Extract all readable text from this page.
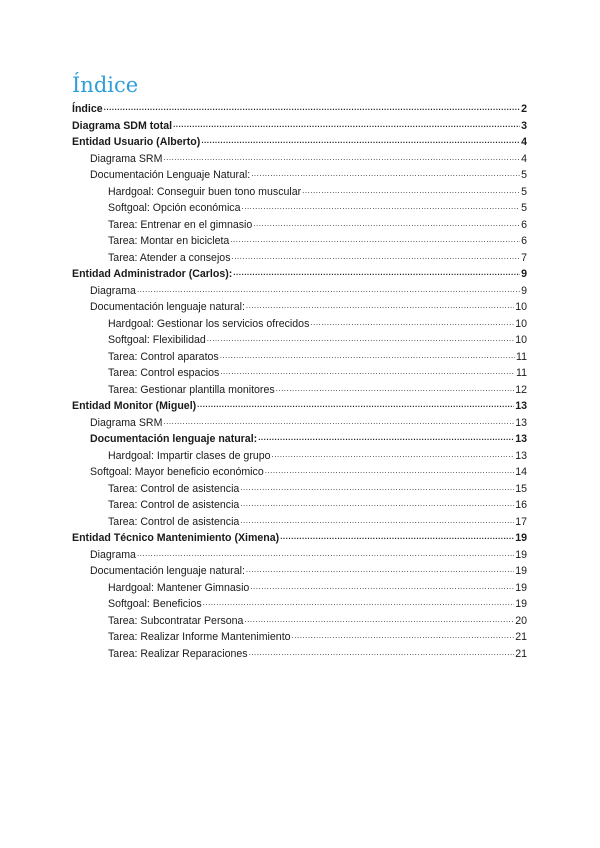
Índice
Índice .....	2
Diagrama SDM total .....	3
Entidad Usuario (Alberto) .....	4
Diagrama SRM .....	4
Documentación Lenguaje Natural: .....	5
Hardgoal: Conseguir buen tono muscular .....	5
Softgoal: Opción económica .....	5
Tarea: Entrenar en el gimnasio .....	6
Tarea: Montar en bicicleta .....	6
Tarea: Atender a consejos .....	7
Entidad Administrador (Carlos): .....	9
Diagrama .....	9
Documentación lenguaje natural: .....	10
Hardgoal: Gestionar los servicios ofrecidos .....	10
Softgoal: Flexibilidad .....	10
Tarea: Control aparatos .....	11
Tarea: Control espacios .....	11
Tarea: Gestionar plantilla monitores .....	12
Entidad Monitor (Miguel) .....	13
Diagrama SRM .....	13
Documentación lenguaje natural: .....	13
Hardgoal: Impartir clases de grupo .....	13
Softgoal: Mayor beneficio económico .....	14
Tarea: Control de asistencia .....	15
Tarea: Control de asistencia .....	16
Tarea: Control de asistencia .....	17
Entidad Técnico Mantenimiento (Ximena) .....	19
Diagrama .....	19
Documentación lenguaje natural: .....	19
Hardgoal: Mantener Gimnasio .....	19
Softgoal: Beneficios .....	19
Tarea: Subcontratar Persona .....	20
Tarea: Realizar Informe Mantenimiento .....	21
Tarea: Realizar Reparaciones .....	21
